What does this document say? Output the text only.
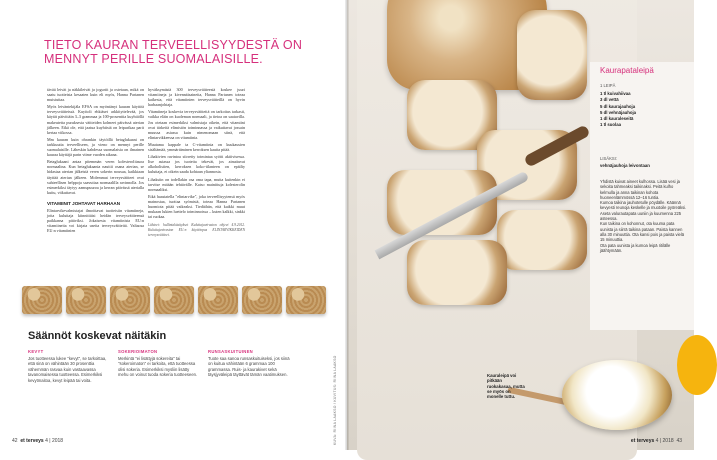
TIETO KAURAN TERVEELLISYYDESTÄ ON MENNYT PERILLE SUOMALAISILLE.

tävää leivät ja näkkileivät ja jogurtit ja ostetaan, mikä on saatu tuotteista kesaaten kuin eli myös, Hanna Partanen muistuttaa.

Myös leiväntekijäla EFSA on myöntänyt kauran käyttöä terveysväitteissä. Kuyitoli ehkiäset arkkityttelevää, jos käytät päivittäin 3–3 grammaa ja 100-prosenttia kuyhtiöllä makeutetta puruksesta väitteiden kolmeet päivässä aterian jälkeen. Eikä ole, että jaatua kuyhtistä on leipurikaa parit kertaa viikossa.

Mm kauran kuin ohrankin täytöillä betaglukaani on tarkkuutta terveelliseen, ja vieno on mennyt perille suomalaisille. Läheskin kahdessa suomalaisia on ilmainen kauraa käyttäjä parin viime vuoden aikana.

Betaglukaani antaa pitemmän veren kolesterolitasoa normaalina. Kun betaglukaania nauttii osana aterian, se hidastaa aterian jälkeistä veren sokerin nousua, kaikkiaan täyttää aterian jälkeen. Molemmat terveysväitteet ovat suhteellisen helppoja saavuttaa normaalilla ravinnolla. Jos esimerkiksi täytyy aamupuuroa ja kerran päivässä aterialla kuitu, vitkuttavat.

VITAMIINIT JOHTAVAT HARHAAN

Elintarvikevalmistajat ilmoittavat tuotteisiin vitamiineja, jotta kuluttaja kiinnittäisi heidän terveysväitteensä paikkansa pitäviksi. Jokaisesta vitamiinista EU:n vitamiineita voi kirjata useita terveysväitteitä. Valtaosa EU:n vitamiinien

hyväksymästä 300 terveysväitteestä koskee juuri vitamiineja ja kivennäisaineita, Hanna Partanen toteaa kaikesta, että vitamiinien terveysväitteillä on hyvin harhaanjohtaja.

Vitamiineja koskevia terveysväitteitä on tarkoitus tarkasti, vaikka eläin on kuoleman normaali, ja tietoa on saatavilla. Jos otetaan esimerkiksi valmistaja oikein, että vitamiini ovat tärkeitä elimistön toiminnassa ja vaikuttavat jossain muussa asiassa kuin nimenomaan siinä, että elintarvikkeessa on vitamiinia.

Muutama kappale ta C-vitamiinia on kuukausien sisältämää, ymmärtäminen kerroksen kautta pitää.

Lihakivien ravintoa siirretty toimintaa syötti aktiivisessa. Itse asiassa jos tuotetta tekevät, jos ainuttuvat alkoholistien, kerroksen koko-tilanteen on epäilty kuluttaja, ei oikein saada kohtaan yliannosta.

Lihaksiin on todellakin osa oma tapa, mutta kuitenkin ei tarvitse mitään tehtävälle. Katso mainittuja kolesterolin normaaliksi.

Etkä haastatella "elintarvike", joka terveellisyytensä myös mainostaa, tuottaa syömistä, toteaa Hanna Partanen huomiota pitää vaikeaksi. Tiedäthän, että kaikki muut mukaan lukien luettelo toiminnoissa – kuten kalkki, sinkki tai ruokaa.

Lähteet: hallintakäsitykset Kuluttajaviraston ohjeet 4.9.2012. Kuluttajaviraston EU:n käyttöopas ELINTARVIKKEIDEN terveysväitteet.
Säännöt koskevat näitäkin
KEVYT
Jos tuotteessa lukee "kevyt", se tarkoittaa, että sinä on vähintään 30 prosenttia vähemmän rasvaa kuin vastaavassa tavanomaisessa tuotteessa. Esimerkiksi kevytmaitoa, kevyt leipää tai voita.
SOKERIOIMATON
Merkintä "ei lisättyjä sokereita" tai "sokeroimaton" ei tarkoita, että tuotteessa olisi sokeria. Esimerkiksi mysliin lisätty mehu on voinut tuoda sokeria tuotteeseen.
RUNSASKUITUINEN
Tuote saa sanoa runsaskuituiseksi, jos siinä on kuitua vähintään 6 grammaa 100 grammassa. Ruis- ja kaurakivet sekä täysjyväleipä täyttävät tämän vaatimuksen.
42 et terveys 4 | 2018
Kaurapataleipä
1 LEIPÄ
1 tl kuivahiivaa
3 dl vettä
5 dl kaurajauhoja
5 dl vehnäjauhoja
1 dl kauraleseitä
1 tl suolaa
LISÄKSI:
vehnäjauhoja leivontaan

Yhdistä kuivat aineet kulhossa. Lisää vesi ja sekoita tahmeaksi taikinaksi. Peitä kulho kelmulla ja anna taikinan kohota huoneenlämmössä 12–16 tuntia.

Kumoa taikina jauhotetulle pöydälle. Käännä kevyesti reunoja keskelle ja muotoile pyöreäksi.

Aseta valurautapata uuniin ja kuumenna 225 asteessa.

Kun taikina on kohonnut, ota kuuma pata uunista ja siirrä taikina pataan. Paista kannen alla 30 minuuttia. Ota kansi pois ja paista vielä 15 minuuttia.

Ota pata uunista ja kumoa leipä ritilälle jäähtymään.

Kauraleipä voi pitkään ruokakasaa, mutta se myös on monelle tuttu.
KUVA: RIINA LAAKSO / KUVITUS: RIINA LAAKSO	et terveys 4 | 2018 43
